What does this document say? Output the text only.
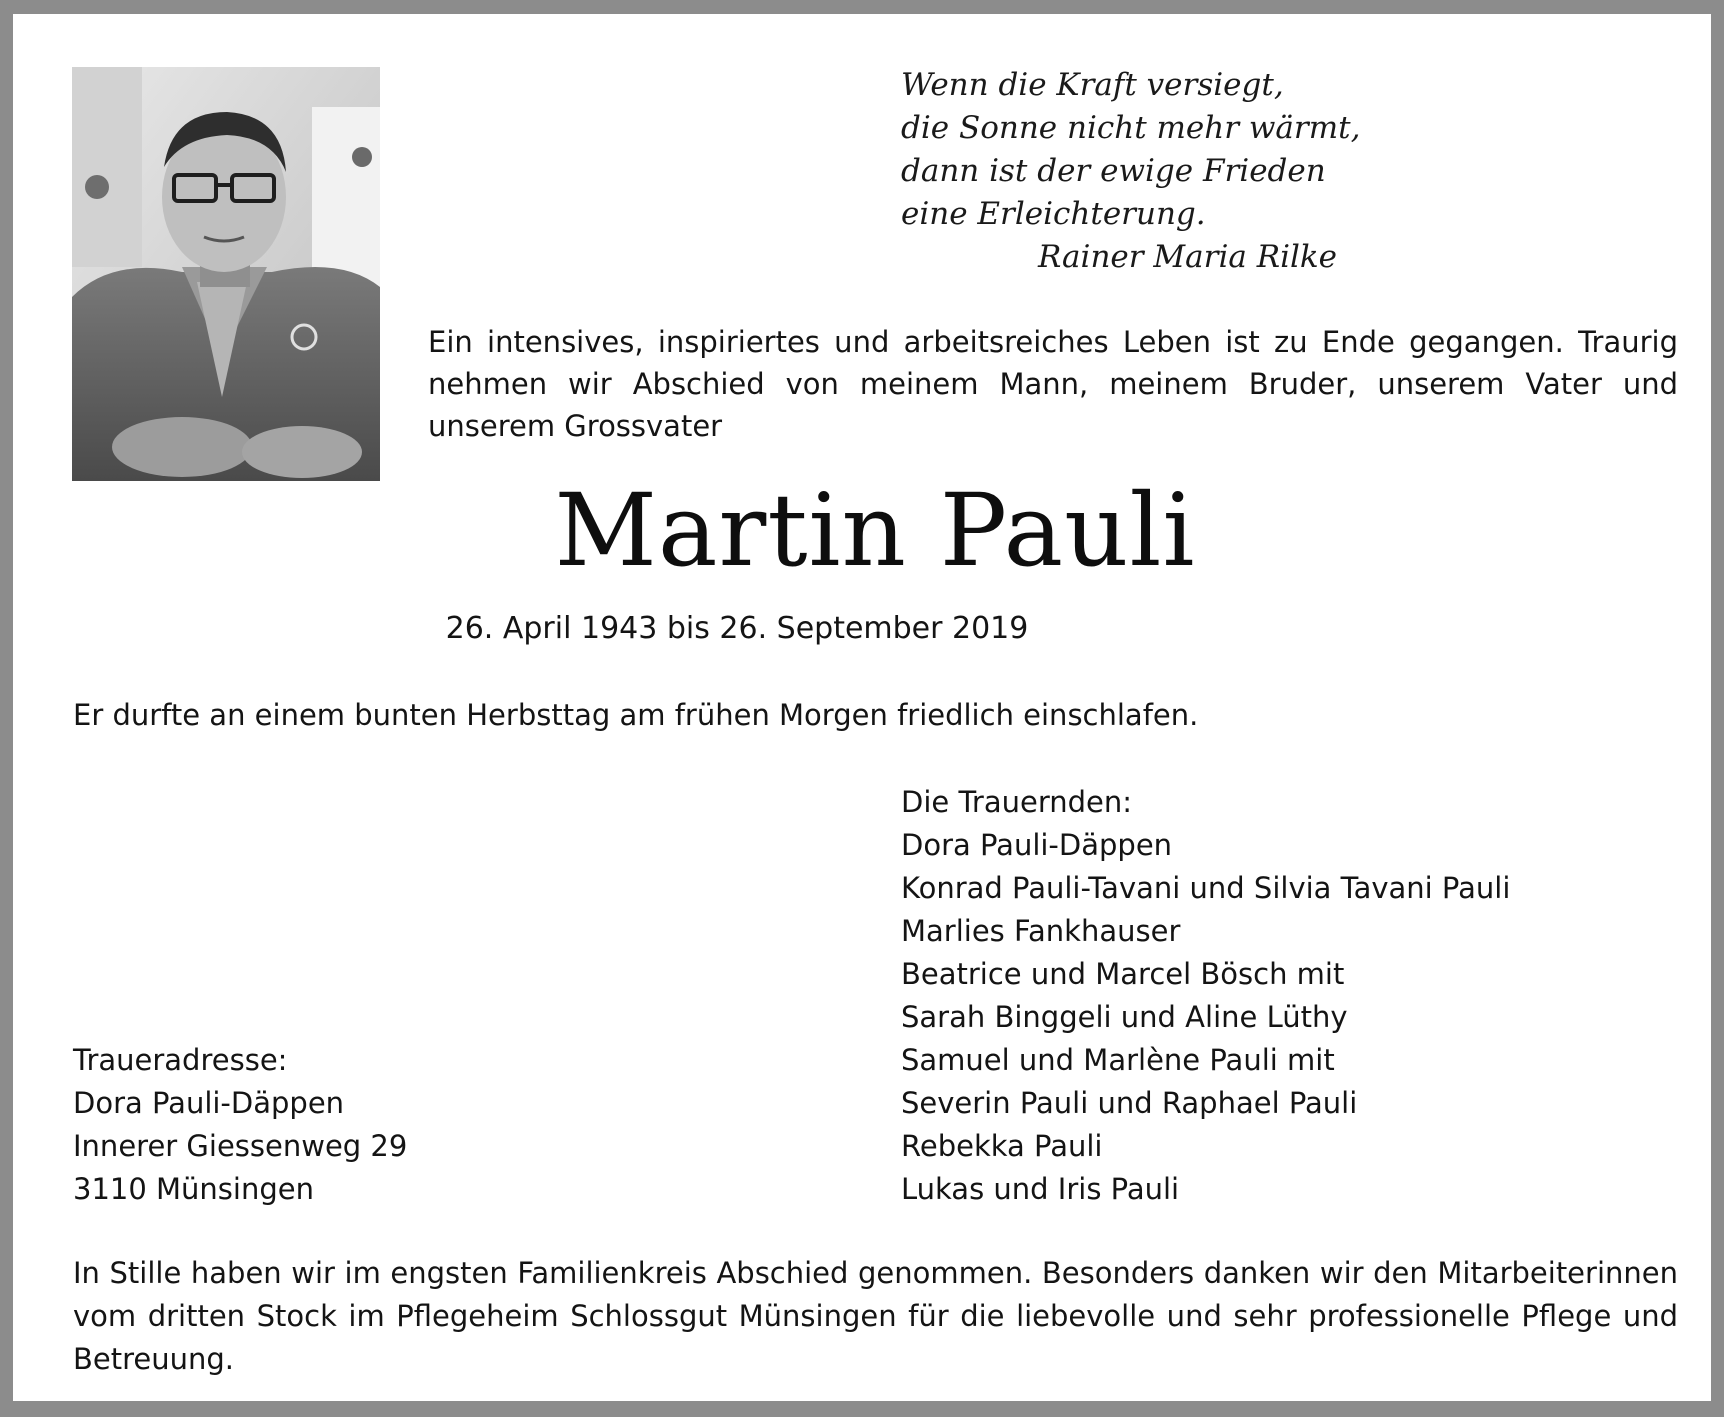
Wenn die Kraft versiegt,
die Sonne nicht mehr wärmt,
dann ist der ewige Frieden
eine Erleichterung.
Rainer Maria Rilke
Ein intensives, inspiriertes und arbeitsreiches Leben ist zu Ende gegangen. Traurig nehmen wir Abschied von meinem Mann, meinem Bruder, unserem Vater und unserem Grossvater
Martin Pauli
26. April 1943 bis 26. September 2019
Er durfte an einem bunten Herbsttag am frühen Morgen friedlich einschlafen.
Die Trauernden:
Dora Pauli-Däppen
Konrad Pauli-Tavani und Silvia Tavani Pauli
Marlies Fankhauser
Beatrice und Marcel Bösch mit
Sarah Binggeli und Aline Lüthy
Samuel und Marlène Pauli mit
Severin Pauli und Raphael Pauli
Rebekka Pauli
Lukas und Iris Pauli
Traueradresse:
Dora Pauli-Däppen
Innerer Giessenweg 29
3110 Münsingen
In Stille haben wir im engsten Familienkreis Abschied genommen. Besonders danken wir den Mitarbeiterinnen vom dritten Stock im Pflegeheim Schlossgut Münsingen für die liebevolle und sehr professionelle Pflege und Betreuung.
